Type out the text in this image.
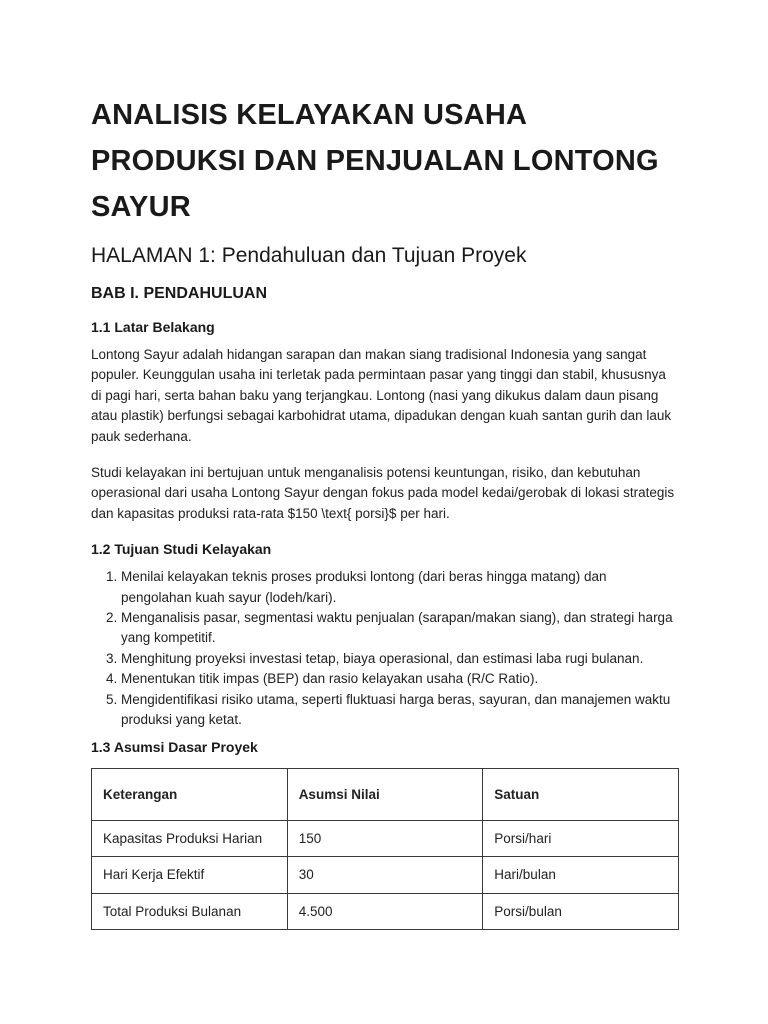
ANALISIS KELAYAKAN USAHA PRODUKSI DAN PENJUALAN LONTONG SAYUR
HALAMAN 1: Pendahuluan dan Tujuan Proyek
BAB I. PENDAHULUAN
1.1 Latar Belakang

Lontong Sayur adalah hidangan sarapan dan makan siang tradisional Indonesia yang sangat populer. Keunggulan usaha ini terletak pada permintaan pasar yang tinggi dan stabil, khususnya di pagi hari, serta bahan baku yang terjangkau. Lontong (nasi yang dikukus dalam daun pisang atau plastik) berfungsi sebagai karbohidrat utama, dipadukan dengan kuah santan gurih dan lauk pauk sederhana.

Studi kelayakan ini bertujuan untuk menganalisis potensi keuntungan, risiko, dan kebutuhan operasional dari usaha Lontong Sayur dengan fokus pada model kedai/gerobak di lokasi strategis dan kapasitas produksi rata-rata $150 \text{ porsi}$ per hari.

1.2 Tujuan Studi Kelayakan
1. Menilai kelayakan teknis proses produksi lontong (dari beras hingga matang) dan pengolahan kuah sayur (lodeh/kari).
2. Menganalisis pasar, segmentasi waktu penjualan (sarapan/makan siang), dan strategi harga yang kompetitif.
3. Menghitung proyeksi investasi tetap, biaya operasional, dan estimasi laba rugi bulanan.
4. Menentukan titik impas (BEP) dan rasio kelayakan usaha (R/C Ratio).
5. Mengidentifikasi risiko utama, seperti fluktuasi harga beras, sayuran, dan manajemen waktu produksi yang ketat.
1.3 Asumsi Dasar Proyek
Keterangan	Asumsi Nilai	Satuan
Kapasitas Produksi Harian	150	Porsi/hari
Hari Kerja Efektif	30	Hari/bulan
Total Produksi Bulanan	4.500	Porsi/bulan
